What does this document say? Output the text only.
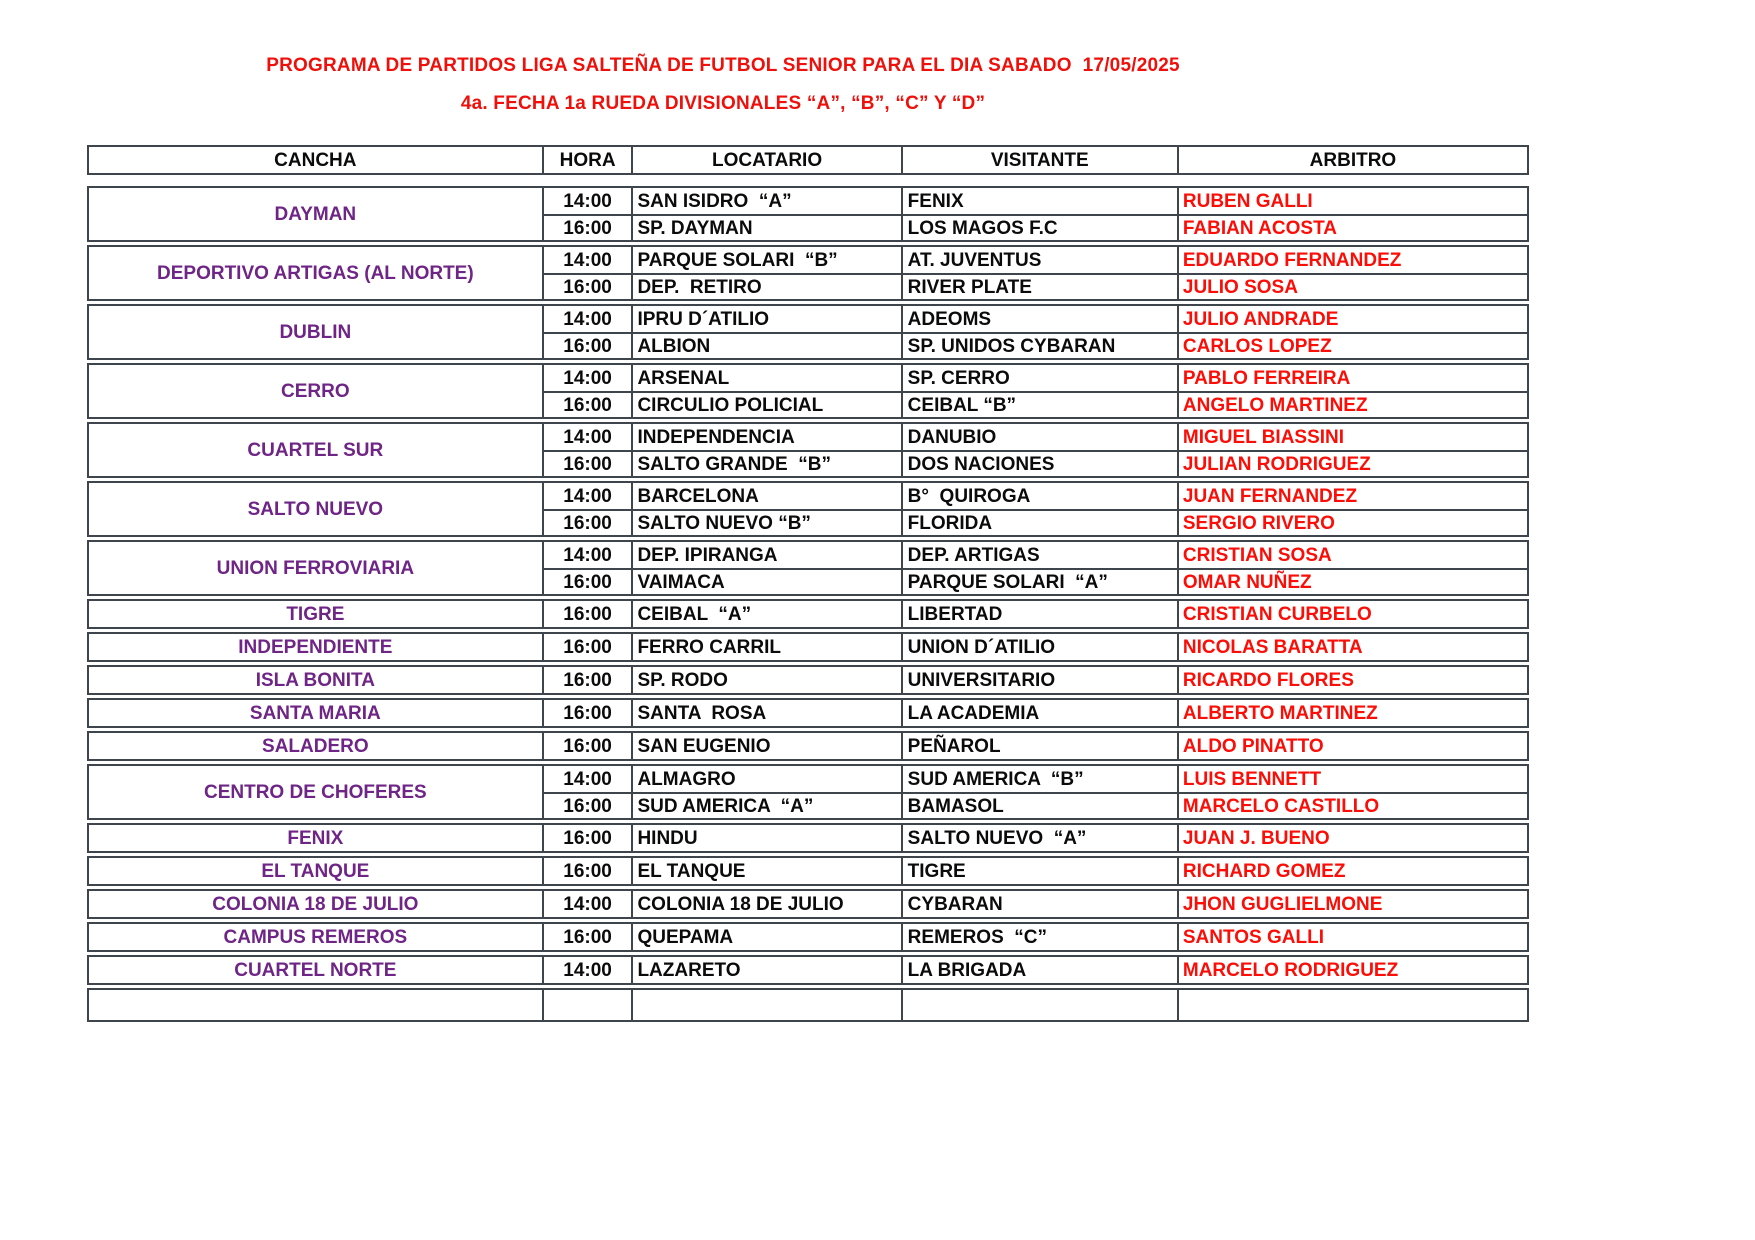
PROGRAMA DE PARTIDOS LIGA SALTEÑA DE FUTBOL SENIOR PARA EL DIA SABADO  17/05/2025
4a. FECHA 1a RUEDA DIVISIONALES “A”, “B”, “C” Y “D”
CANCHA	HORA	LOCATARIO	VISITANTE	ARBITRO
DAYMAN
14:00	SAN ISIDRO  “A”	FENIX	RUBEN GALLI
16:00	SP. DAYMAN	LOS MAGOS F.C	FABIAN ACOSTA
DEPORTIVO ARTIGAS (AL NORTE)
14:00	PARQUE SOLARI  “B”	AT. JUVENTUS	EDUARDO FERNANDEZ
16:00	DEP.  RETIRO	RIVER PLATE	JULIO SOSA
DUBLIN
14:00	IPRU D´ATILIO	ADEOMS	JULIO ANDRADE
16:00	ALBION	SP. UNIDOS CYBARAN	CARLOS LOPEZ
CERRO
14:00	ARSENAL	SP. CERRO	PABLO FERREIRA
16:00	CIRCULIO POLICIAL	CEIBAL “B”	ANGELO MARTINEZ
CUARTEL SUR
14:00	INDEPENDENCIA	DANUBIO	MIGUEL BIASSINI
16:00	SALTO GRANDE  “B”	DOS NACIONES	JULIAN RODRIGUEZ
SALTO NUEVO
14:00	BARCELONA	B°  QUIROGA	JUAN FERNANDEZ
16:00	SALTO NUEVO “B”	FLORIDA	SERGIO RIVERO
UNION FERROVIARIA
14:00	DEP. IPIRANGA	DEP. ARTIGAS	CRISTIAN SOSA
16:00	VAIMACA	PARQUE SOLARI  “A”	OMAR NUÑEZ
TIGRE	16:00	CEIBAL  “A”	LIBERTAD	CRISTIAN CURBELO
INDEPENDIENTE	16:00	FERRO CARRIL	UNION D´ATILIO	NICOLAS BARATTA
ISLA BONITA	16:00	SP. RODO	UNIVERSITARIO	RICARDO FLORES
SANTA MARIA	16:00	SANTA  ROSA	LA ACADEMIA	ALBERTO MARTINEZ
SALADERO	16:00	SAN EUGENIO	PEÑAROL	ALDO PINATTO
CENTRO DE CHOFERES
14:00	ALMAGRO	SUD AMERICA  “B”	LUIS BENNETT
16:00	SUD AMERICA  “A”	BAMASOL	MARCELO CASTILLO
FENIX	16:00	HINDU	SALTO NUEVO  “A”	JUAN J. BUENO
EL TANQUE	16:00	EL TANQUE	TIGRE	RICHARD GOMEZ
COLONIA 18 DE JULIO	14:00	COLONIA 18 DE JULIO	CYBARAN	JHON GUGLIELMONE
CAMPUS REMEROS	16:00	QUEPAMA	REMEROS  “C”	SANTOS GALLI
CUARTEL NORTE	14:00	LAZARETO	LA BRIGADA	MARCELO RODRIGUEZ
